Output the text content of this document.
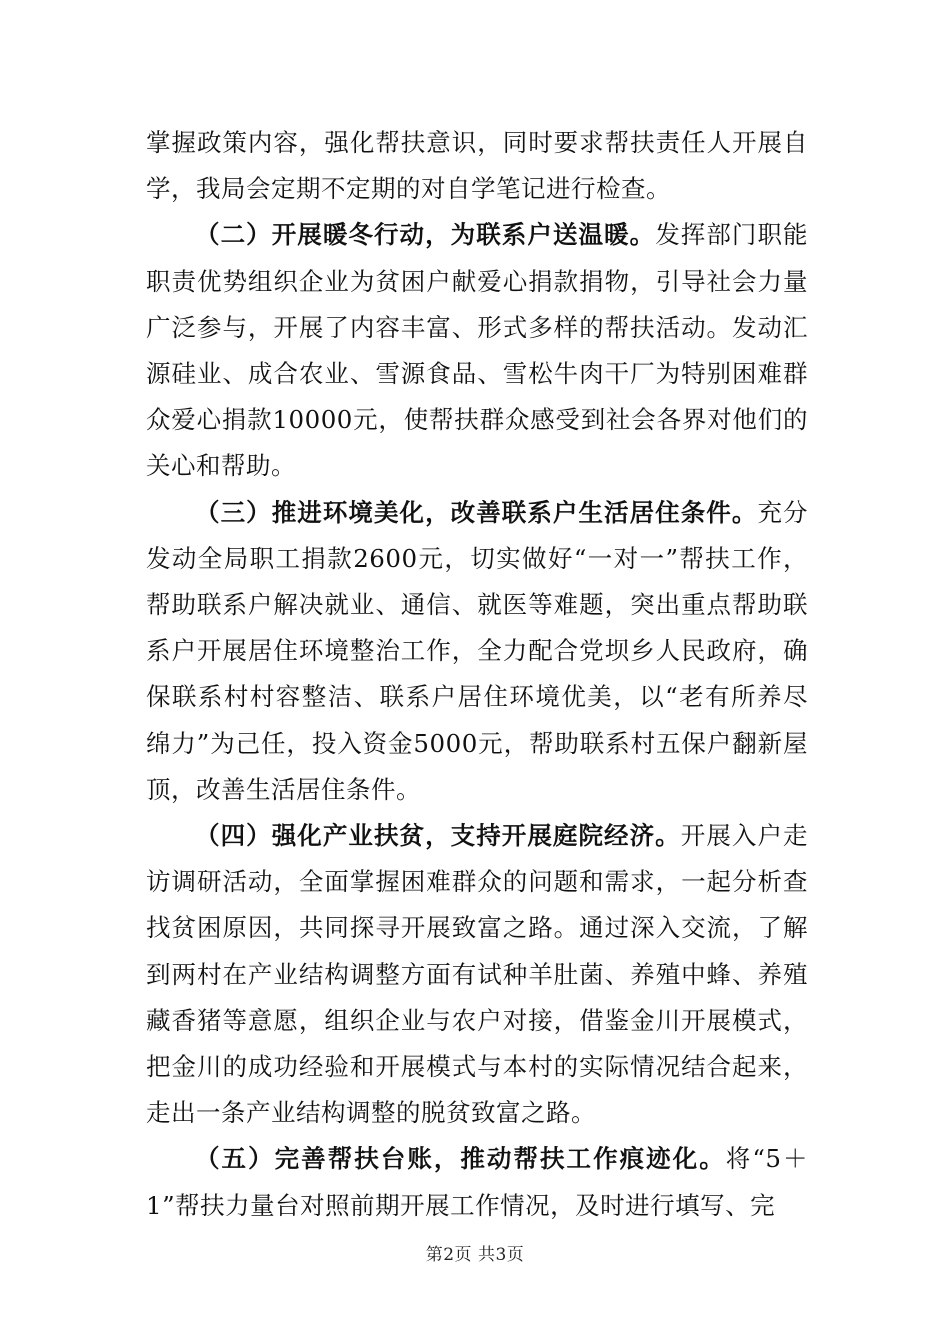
掌握政策内容，强化帮扶意识，同时要求帮扶责任人开展自学，我局会定期不定期的对自学笔记进行检查。

（二）开展暖冬行动，为联系户送温暖。发挥部门职能职责优势组织企业为贫困户献爱心捐款捐物，引导社会力量广泛参与，开展了内容丰富、形式多样的帮扶活动。发动汇源硅业、成合农业、雪源食品、雪松牛肉干厂为特别困难群众爱心捐款10000元，使帮扶群众感受到社会各界对他们的关心和帮助。

（三）推进环境美化，改善联系户生活居住条件。充分发动全局职工捐款2600元，切实做好“一对一”帮扶工作，帮助联系户解决就业、通信、就医等难题，突出重点帮助联系户开展居住环境整治工作，全力配合党坝乡人民政府，确保联系村村容整洁、联系户居住环境优美，以“老有所养尽绵力”为己任，投入资金5000元，帮助联系村五保户翻新屋顶，改善生活居住条件。

（四）强化产业扶贫，支持开展庭院经济。开展入户走访调研活动，全面掌握困难群众的问题和需求，一起分析查找贫困原因，共同探寻开展致富之路。通过深入交流，了解到两村在产业结构调整方面有试种羊肚菌、养殖中蜂、养殖藏香猪等意愿，组织企业与农户对接，借鉴金川开展模式，把金川的成功经验和开展模式与本村的实际情况结合起来，走出一条产业结构调整的脱贫致富之路。

（五）完善帮扶台账，推动帮扶工作痕迹化。将“5＋1”帮扶力量台对照前期开展工作情况，及时进行填写、完

第2页 共3页
